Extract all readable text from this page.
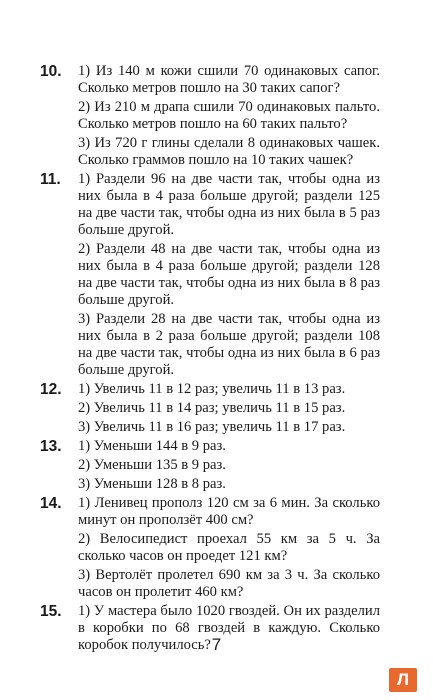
10. 1) Из 140 м кожи сшили 70 одинаковых сапог. Сколько метров пошло на 30 таких сапог?
2) Из 210 м драпа сшили 70 одинаковых пальто. Сколько метров пошло на 60 таких пальто?
3) Из 720 г глины сделали 8 одинаковых чашек. Сколько граммов пошло на 10 таких чашек?
11. 1) Раздели 96 на две части так, чтобы одна из них была в 4 раза больше другой; раздели 125 на две части так, чтобы одна из них была в 5 раз больше другой.
2) Раздели 48 на две части так, чтобы одна из них была в 4 раза больше другой; раздели 128 на две части так, чтобы одна из них была в 8 раз больше другой.
3) Раздели 28 на две части так, чтобы одна из них была в 2 раза больше другой; раздели 108 на две части так, чтобы одна из них была в 6 раз больше другой.
12. 1) Увеличь 11 в 12 раз; увеличь 11 в 13 раз.
2) Увеличь 11 в 14 раз; увеличь 11 в 15 раз.
3) Увеличь 11 в 16 раз; увеличь 11 в 17 раз.
13. 1) Уменьши 144 в 9 раз.
2) Уменьши 135 в 9 раз.
3) Уменьши 128 в 8 раз.
14. 1) Ленивец прополз 120 см за 6 мин. За сколько минут он проползёт 400 см?
2) Велосипедист проехал 55 км за 5 ч. За сколько часов он проедет 121 км?
3) Вертолёт пролетел 690 км за 3 ч. За сколько часов он пролетит 460 км?
15. 1) У мастера было 1020 гвоздей. Он их разделил в коробки по 68 гвоздей в каждую. Сколько коробок получилось? 7
Л
